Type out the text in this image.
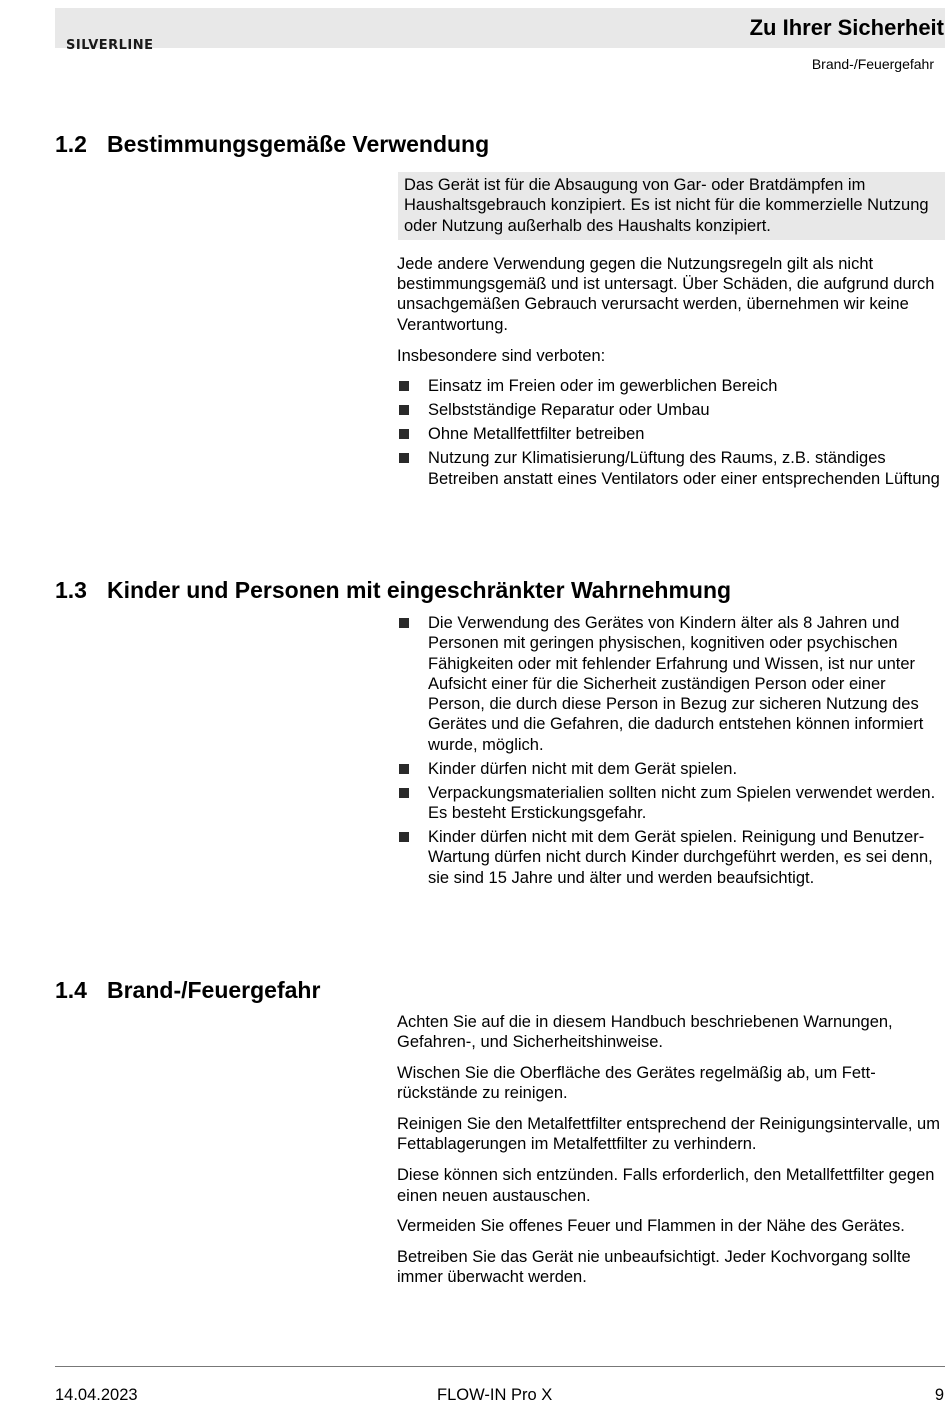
SILVERLINE
Zu Ihrer Sicherheit
Brand-/Feuergefahr
1.2 Bestimmungsgemäße Verwendung
Das Gerät ist für die Absaugung von Gar- oder Bratdämpfen im Haushaltsgebrauch konzipiert. Es ist nicht für die kommerzielle Nutzung oder Nutzung außerhalb des Haushalts konzipiert.

Jede andere Verwendung gegen die Nutzungsregeln gilt als nicht bestimmungsgemäß und ist untersagt. Über Schäden, die aufgrund durch unsachgemäßen Gebrauch verursacht werden, übernehmen wir keine Verantwortung.

Insbesondere sind verboten:

Einsatz im Freien oder im gewerblichen Bereich
Selbstständige Reparatur oder Umbau
Ohne Metallfettfilter betreiben
Nutzung zur Klimatisierung/Lüftung des Raums, z.B. ständiges Betreiben anstatt eines Ventilators oder einer entsprechenden Lüftung
1.3 Kinder und Personen mit eingeschränkter Wahrnehmung
Die Verwendung des Gerätes von Kindern älter als 8 Jahren und Personen mit geringen physischen, kognitiven oder psychischen Fähigkeiten oder mit fehlender Erfahrung und Wissen, ist nur unter Aufsicht einer für die Sicherheit zuständigen Person oder einer Person, die durch diese Person in Bezug zur sicheren Nutzung des Gerätes und die Gefahren, die dadurch entstehen können informiert wurde, möglich.
Kinder dürfen nicht mit dem Gerät spielen.
Verpackungsmaterialien sollten nicht zum Spielen verwendet werden. Es besteht Erstickungsgefahr.
Kinder dürfen nicht mit dem Gerät spielen. Reinigung und Benutzer-Wartung dürfen nicht durch Kinder durchgeführt werden, es sei denn, sie sind 15 Jahre und älter und werden beaufsichtigt.
1.4 Brand-/Feuergefahr

Achten Sie auf die in diesem Handbuch beschriebenen Warnungen, Gefahren-, und Sicherheitshinweise.

Wischen Sie die Oberfläche des Gerätes regelmäßig ab, um Fettrückstände zu reinigen.

Reinigen Sie den Metalfettfilter entsprechend der Reinigungsintervalle, um Fettablagerungen im Metalfettfilter zu verhindern.

Diese können sich entzünden. Falls erforderlich, den Metallfettfilter gegen einen neuen austauschen.

Vermeiden Sie offenes Feuer und Flammen in der Nähe des Gerätes.

Betreiben Sie das Gerät nie unbeaufsichtigt. Jeder Kochvorgang sollte immer überwacht werden.

14.04.2023	FLOW-IN Pro X	9
